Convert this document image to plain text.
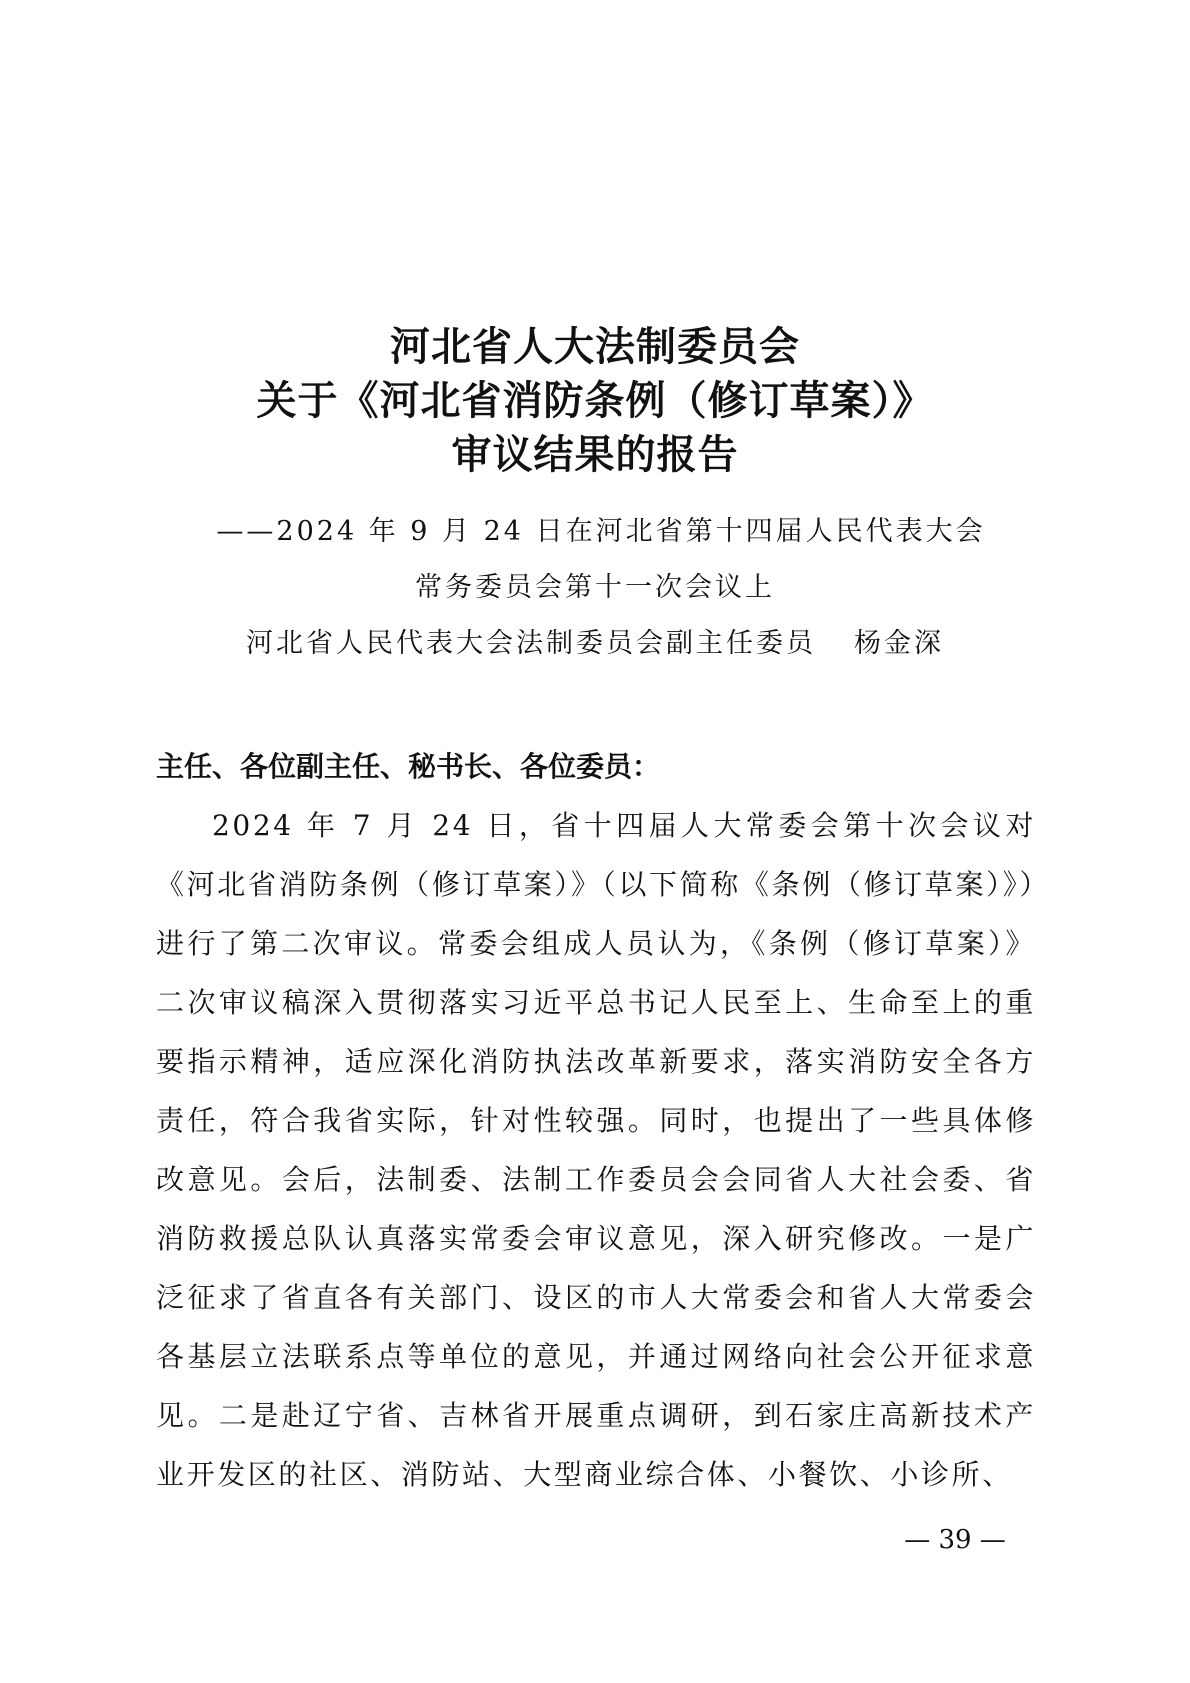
河北省人大法制委员会
关于《河北省消防条例（修订草案）》
审议结果的报告
——2024 年 9 月 24 日在河北省第十四届人民代表大会
常务委员会第十一次会议上
河北省人民代表大会法制委员会副主任委员 杨金深
主任、各位副主任、秘书长、各位委员：

2024 年 7 月 24 日，省十四届人大常委会第十次会议对《河北省消防条例（修订草案）》（以下简称《条例（修订草案）》）进行了第二次审议。常委会组成人员认为，《条例（修订草案）》二次审议稿深入贯彻落实习近平总书记人民至上、生命至上的重要指示精神，适应深化消防执法改革新要求，落实消防安全各方责任，符合我省实际，针对性较强。同时，也提出了一些具体修改意见。会后，法制委、法制工作委员会会同省人大社会委、省消防救援总队认真落实常委会审议意见，深入研究修改。一是广泛征求了省直各有关部门、设区的市人大常委会和省人大常委会各基层立法联系点等单位的意见，并通过网络向社会公开征求意见。二是赴辽宁省、吉林省开展重点调研，到石家庄高新技术产业开发区的社区、消防站、大型商业综合体、小餐饮、小诊所、

— 39 —
